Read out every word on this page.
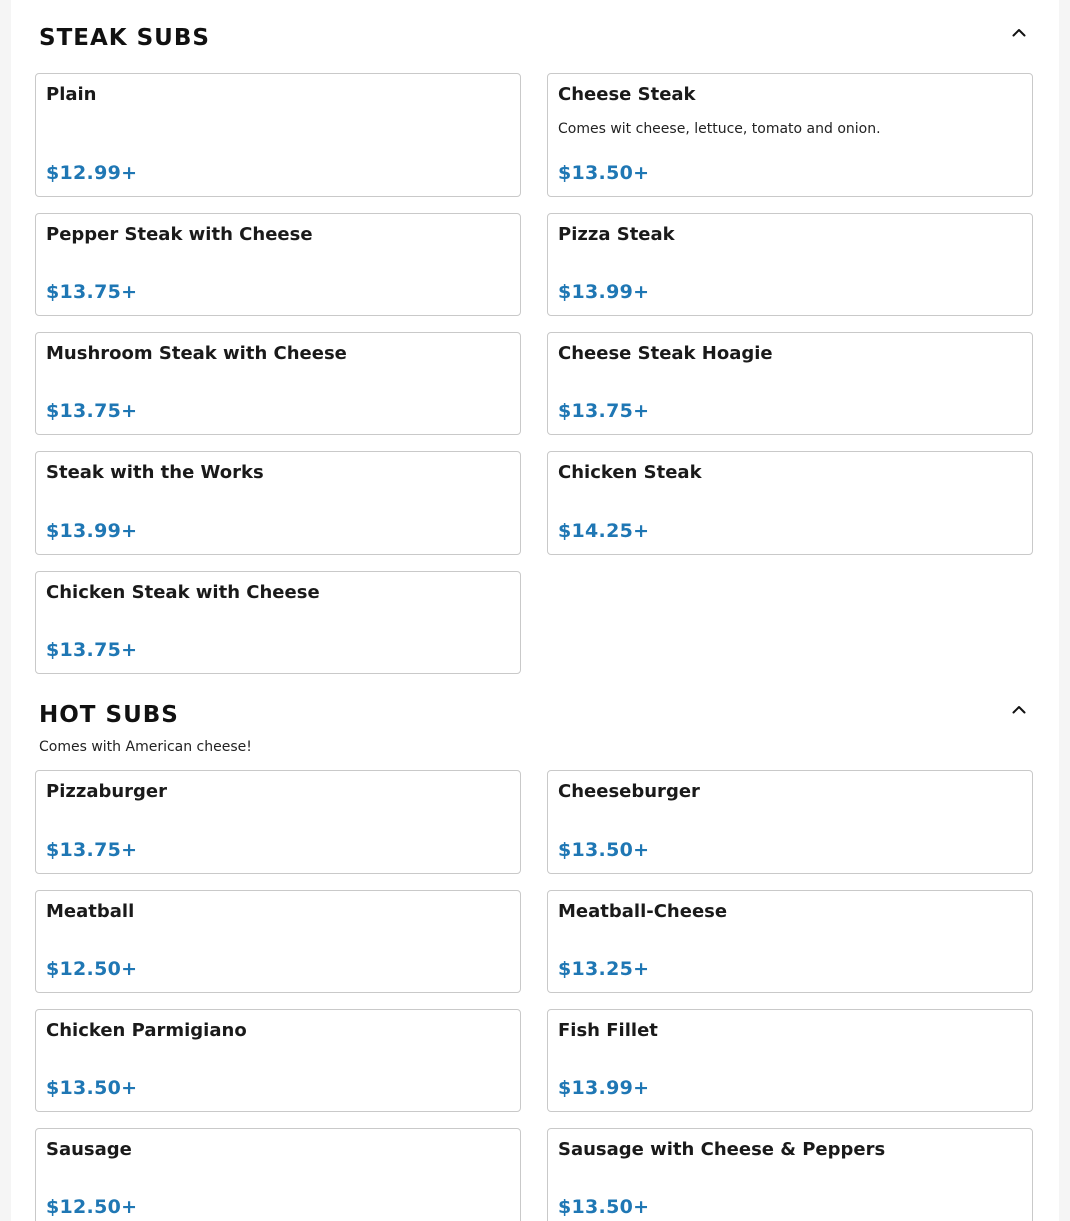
STEAK SUBS
Plain
$12.99+
Cheese Steak
Comes wit cheese, lettuce, tomato and onion.
$13.50+
Pepper Steak with Cheese
$13.75+
Pizza Steak
$13.99+
Mushroom Steak with Cheese
$13.75+
Cheese Steak Hoagie
$13.75+
Steak with the Works
$13.99+
Chicken Steak
$14.25+
Chicken Steak with Cheese
$13.75+
HOT SUBS
Comes with American cheese!
Pizzaburger
$13.75+
Cheeseburger
$13.50+
Meatball
$12.50+
Meatball-Cheese
$13.25+
Chicken Parmigiano
$13.50+
Fish Fillet
$13.99+
Sausage
$12.50+
Sausage with Cheese & Peppers
$13.50+
